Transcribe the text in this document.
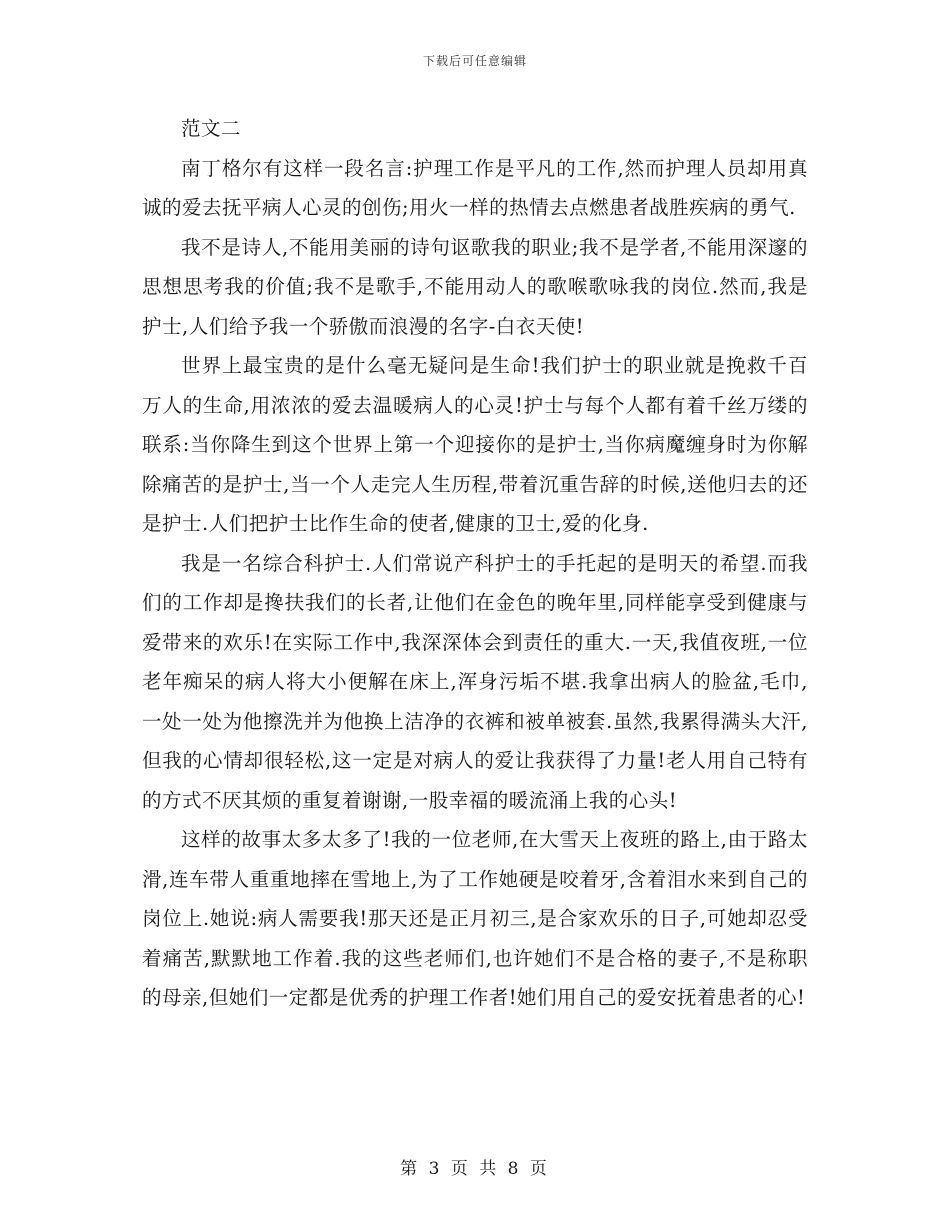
下载后可任意编辑

范文二

南丁格尔有这样一段名言:护理工作是平凡的工作,然而护理人员却用真诚的爱去抚平病人心灵的创伤;用火一样的热情去点燃患者战胜疾病的勇气.

我不是诗人,不能用美丽的诗句讴歌我的职业;我不是学者,不能用深邃的思想思考我的价值;我不是歌手,不能用动人的歌喉歌咏我的岗位.然而,我是护士,人们给予我一个骄傲而浪漫的名字-白衣天使!

世界上最宝贵的是什么毫无疑问是生命!我们护士的职业就是挽救千百万人的生命,用浓浓的爱去温暖病人的心灵!护士与每个人都有着千丝万缕的联系:当你降生到这个世界上第一个迎接你的是护士,当你病魔缠身时为你解除痛苦的是护士,当一个人走完人生历程,带着沉重告辞的时候,送他归去的还是护士.人们把护士比作生命的使者,健康的卫士,爱的化身.

我是一名综合科护士.人们常说产科护士的手托起的是明天的希望.而我们的工作却是搀扶我们的长者,让他们在金色的晚年里,同样能享受到健康与爱带来的欢乐!在实际工作中,我深深体会到责任的重大.一天,我值夜班,一位老年痴呆的病人将大小便解在床上,浑身污垢不堪.我拿出病人的脸盆,毛巾,一处一处为他擦洗并为他换上洁净的衣裤和被单被套.虽然,我累得满头大汗,但我的心情却很轻松,这一定是对病人的爱让我获得了力量!老人用自己特有的方式不厌其烦的重复着谢谢,一股幸福的暖流涌上我的心头!

这样的故事太多太多了!我的一位老师,在大雪天上夜班的路上,由于路太滑,连车带人重重地摔在雪地上,为了工作她硬是咬着牙,含着泪水来到自己的岗位上.她说:病人需要我!那天还是正月初三,是合家欢乐的日子,可她却忍受着痛苦,默默地工作着.我的这些老师们,也许她们不是合格的妻子,不是称职的母亲,但她们一定都是优秀的护理工作者!她们用自己的爱安抚着患者的心!

第 3 页 共 8 页
